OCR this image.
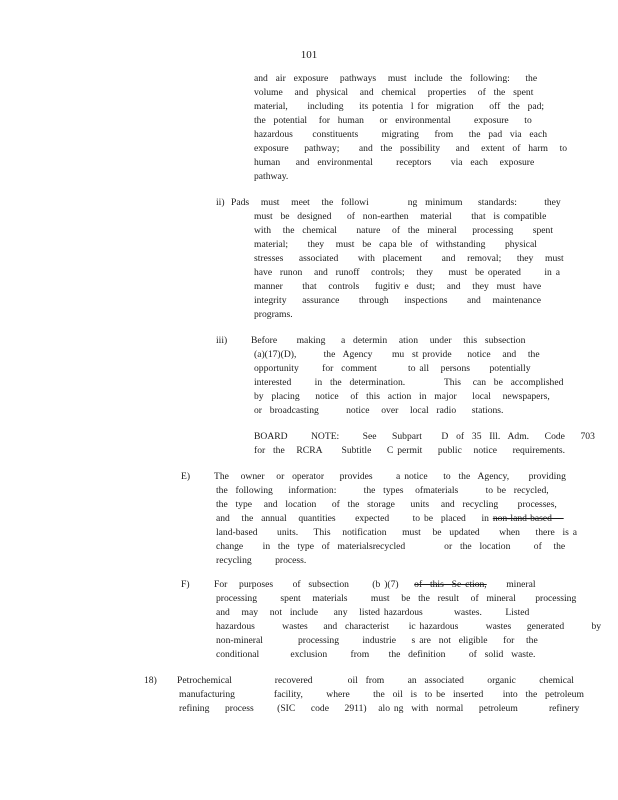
101
and  air  exposure   pathways   must  include  the  following:    the
volume   and  physical   and  chemical   properties   of  the  spent
material,     including    its potentia  l for  migration    off  the  pad;
the  potential   for  human    or  environmental      exposure    to
hazardous     constituents      migrating    from    the  pad  via  each
exposure    pathway;     and  the  possibility    and   extent  of  harm   to
human    and  environmental      receptors     via  each   exposure
pathway.
ii) Pads   must   meet   the  followi          ng  minimum    standards:       they
must  be  designed    of  non-earthen   material     that  is compatible
with   the  chemical     nature   of  the  mineral    processing     spent
material;     they   must  be  capa ble  of  withstanding     physical
stresses    associated     with  placement     and   removal;    they   must
have  runon   and  runoff   controls;   they    must  be operated      in a
manner     that   controls    fugitiv e  dust;   and   they  must  have
integrity    assurance     through    inspections     and   maintenance
programs.
iii) Before     making    a  determin   ation   under   this  subsection
(a)(17)(D),       the  Agency     mu  st provide    notice   and   the
opportunity      for  comment        to all   persons     potentially
interested      in  the  determination.          This   can  be  accomplished
by  placing    notice   of  this  action  in  major    local   newspapers,
or  broadcasting       notice   over   local  radio    stations.
BOARD      NOTE:      See    Subpart     D  of  35  Ill.  Adm.    Code    703
for  the   RCRA     Subtitle    C permit    public   notice    requirements.
E) The   owner   or  operator    provides      a notice    to  the  Agency,     providing
the  following    information:       the  types   ofmaterials       to be  recycled,
the  type   and  location    of  the  storage    units   and  recycling     processes,
and   the  annual   quantities     expected      to be  placed    in non-land-based
land-based     units.    This   notification    must   be  updated     when    there  is a
change     in  the  type  of  materialsrecycled          or  the  location      of   the
recycling      process.
F)	For   purposes     of  subsection      (b )(7)    of  this  Se ction,     mineral
processing      spent   materials      must   be  the  result   of  mineral     processing
and   may   not  include    any   listed hazardous        wastes.      Listed
hazardous       wastes    and  characterist     ic hazardous       wastes    generated       by
non-mineral         processing      industrie    s are  not  eligible    for   the
conditional        exclusion      from     the  definition      of  solid  waste.
18) Petrochemical           recovered         oil  from      an  associated      organic      chemical
manufacturing          facility,      where      the  oil  is  to be  inserted     into  the  petroleum
refining    process      (SIC    code    2911)   alo ng  with  normal    petroleum        refinery
